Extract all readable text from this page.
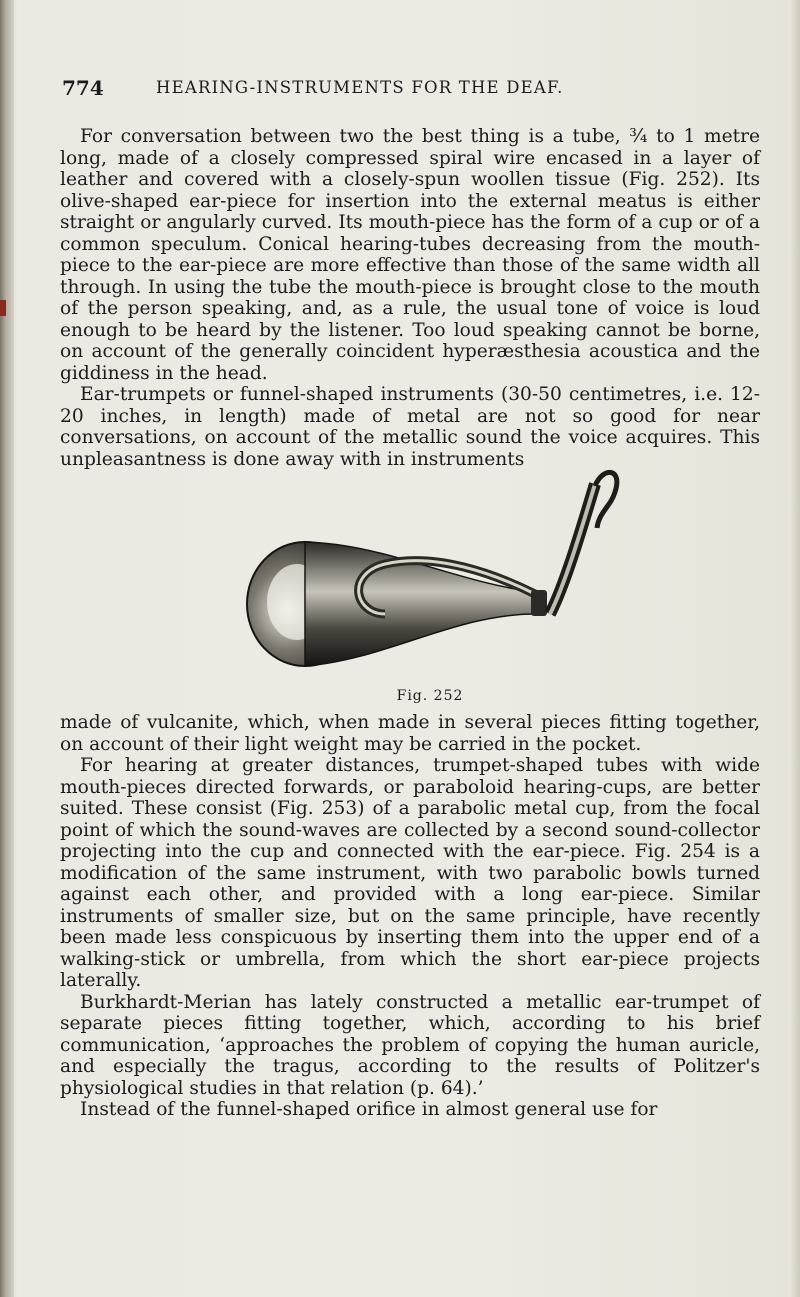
774	HEARING-INSTRUMENTS FOR THE DEAF.

For conversation between two the best thing is a tube, ¾ to 1 metre long, made of a closely compressed spiral wire encased in a layer of leather and covered with a closely-spun woollen tissue (Fig. 252). Its olive-shaped ear-piece for insertion into the external meatus is either straight or angularly curved. Its mouth-piece has the form of a cup or of a common speculum. Conical hearing-tubes decreasing from the mouth-piece to the ear-piece are more effective than those of the same width all through. In using the tube the mouth-piece is brought close to the mouth of the person speaking, and, as a rule, the usual tone of voice is loud enough to be heard by the listener. Too loud speaking cannot be borne, on account of the generally coincident hyperæsthesia acoustica and the giddiness in the head.

Ear-trumpets or funnel-shaped instruments (30-50 centimetres, i.e. 12-20 inches, in length) made of metal are not so good for near conversations, on account of the metallic sound the voice acquires. This unpleasantness is done away with in instruments

Fig. 252

made of vulcanite, which, when made in several pieces fitting together, on account of their light weight may be carried in the pocket.

For hearing at greater distances, trumpet-shaped tubes with wide mouth-pieces directed forwards, or paraboloid hearing-cups, are better suited. These consist (Fig. 253) of a parabolic metal cup, from the focal point of which the sound-waves are collected by a second sound-collector projecting into the cup and connected with the ear-piece. Fig. 254 is a modification of the same instrument, with two parabolic bowls turned against each other, and provided with a long ear-piece. Similar instruments of smaller size, but on the same principle, have recently been made less conspicuous by inserting them into the upper end of a walking-stick or umbrella, from which the short ear-piece projects laterally.

Burkhardt-Merian has lately constructed a metallic ear-trumpet of separate pieces fitting together, which, according to his brief communication, ‘approaches the problem of copying the human auricle, and especially the tragus, according to the results of Politzer's physiological studies in that relation (p. 64).’

Instead of the funnel-shaped orifice in almost general use for
